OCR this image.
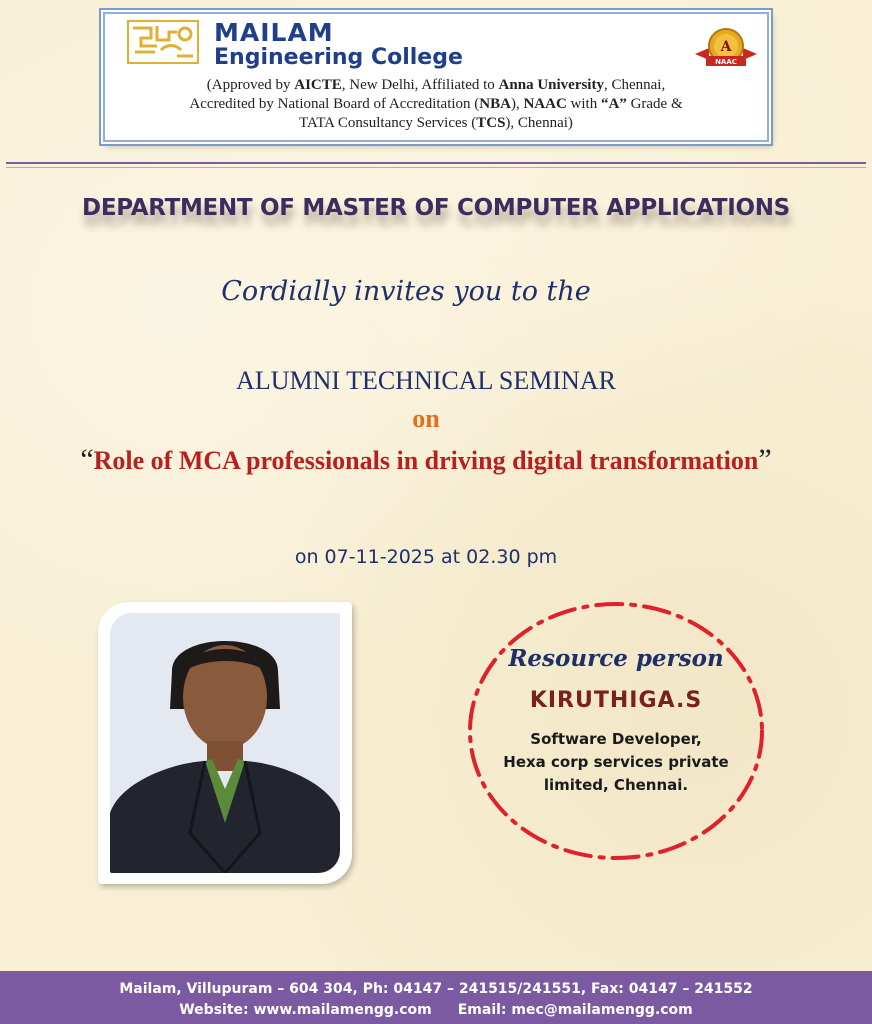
MAILAM
Engineering College	A
NAAC
(Approved by AICTE, New Delhi, Affiliated to Anna University, Chennai,
Accredited by National Board of Accreditation (NBA), NAAC with “A” Grade &
TATA Consultancy Services (TCS), Chennai)
DEPARTMENT OF MASTER OF COMPUTER APPLICATIONS
Cordially invites you to the
ALUMNI TECHNICAL SEMINAR
on
“Role of MCA professionals in driving digital transformation”
on 07-11-2025 at 02.30 pm
Resource person
KIRUTHIGA.S
Software Developer,
Hexa corp services private
limited, Chennai.
Mailam, Villupuram – 604 304, Ph: 04147 – 241515/241551, Fax: 04147 – 241552
Website: www.mailamengg.com Email: mec@mailamengg.com
